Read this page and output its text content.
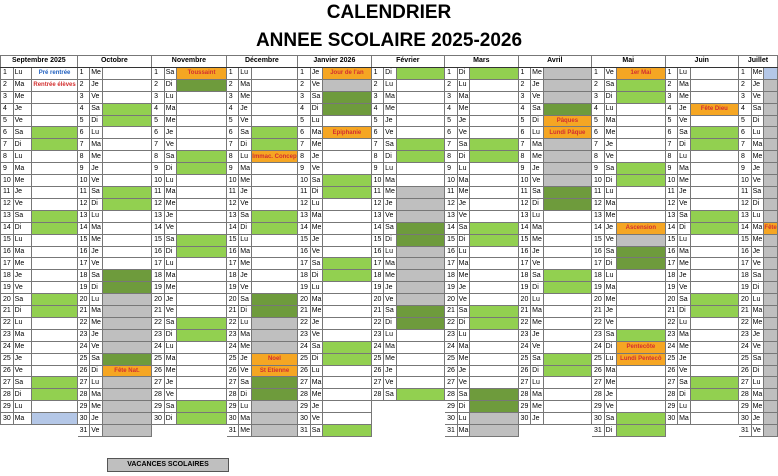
CALENDRIER
ANNEE SCOLAIRE 2025-2026
Septembre 2025			Octobre			Novembre			Décembre			Janvier 2026			Février			Mars			Avril			Mai			Juin			Juillet		
1	Lu	Pré rentrée	1	Me		1	Sa	Toussaint	1	Lu		1	Je	Jour de l'an	1	Di		1	Di		1	Me		1	Ve	1er Mai	1	Lu		1	Me	
2	Ma	Rentrée élèves	2	Je		2	Di		2	Ma		2	Ve		2	Lu		2	Lu		2	Je		2	Sa		2	Ma		2	Je	
3	Me		3	Ve		3	Lu		3	Me		3	Sa		3	Ma		3	Ma		3	Ve		3	Di		3	Me		3	Ve	
4	Je		4	Sa		4	Ma		4	Je		4	Di		4	Me		4	Me		4	Sa		4	Lu		4	Je	Fête Dieu	4	Sa	
5	Ve		5	Di		5	Me		5	Ve		5	Lu		5	Je		5	Je		5	Di	Pâques	5	Ma		5	Ve		5	Di	
6	Sa		6	Lu		6	Je		6	Sa		6	Ma	Epiphanie	6	Ve		6	Ve		6	Lu	Lundi Pâque	6	Me		6	Sa		6	Lu	
7	Di		7	Ma		7	Ve		7	Di		7	Me		7	Sa		7	Sa		7	Ma		7	Je		7	Di		7	Ma	
8	Lu		8	Me		8	Sa		8	Lu	Immac. Concep	8	Je		8	Di		8	Di		8	Me		8	Ve		8	Lu		8	Me	
9	Ma		9	Je		9	Di		9	Ma		9	Ve		9	Lu		9	Lu		9	Je		9	Sa		9	Ma		9	Je	
10	Me		10	Ve		10	Lu		10	Me		10	Sa		10	Ma		10	Ma		10	Ve		10	Di		10	Me		10	Ve	
11	Je		11	Sa		11	Ma		11	Je		11	Di		11	Me		11	Me		11	Sa		11	Lu		11	Je		11	Sa	
12	Ve		12	Di		12	Me		12	Ve		12	Lu		12	Je		12	Je		12	Di		12	Ma		12	Ve		12	Di	
13	Sa		13	Lu		13	Je		13	Sa		13	Ma		13	Ve		13	Ve		13	Lu		13	Me		13	Sa		13	Lu	
14	Di		14	Ma		14	Ve		14	Di		14	Me		14	Sa		14	Sa		14	Ma		14	Je	Ascension	14	Di		14	Ma	Fête
15	Lu		15	Me		15	Sa		15	Lu		15	Je		15	Di		15	Di		15	Me		15	Ve		15	Lu		15	Me	
16	Ma		16	Je		16	Di		16	Ma		16	Ve		16	Lu		16	Lu		16	Je		16	Sa		16	Ma		16	Je	
17	Me		17	Ve		17	Lu		17	Me		17	Sa		17	Ma		17	Ma		17	Ve		17	Di		17	Me		17	Ve	
18	Je		18	Sa		18	Ma		18	Je		18	Di		18	Me		18	Me		18	Sa		18	Lu		18	Je		18	Sa	
19	Ve		19	Di		19	Me		19	Ve		19	Lu		19	Je		19	Je		19	Di		19	Ma		19	Ve		19	Di	
20	Sa		20	Lu		20	Je		20	Sa		20	Ma		20	Ve		20	Ve		20	Lu		20	Me		20	Sa		20	Lu	
21	Di		21	Ma		21	Ve		21	Di		21	Me		21	Sa		21	Sa		21	Ma		21	Je		21	Di		21	Ma	
22	Lu		22	Me		22	Sa		22	Lu		22	Je		22	Di		22	Di		22	Me		22	Ve		22	Lu		22	Me	
23	Ma		23	Je		23	Di		23	Ma		23	Ve		23	Lu		23	Lu		23	Je		23	Sa		23	Ma		23	Je	
24	Me		24	Ve		24	Lu		24	Me		24	Sa		24	Ma		24	Ma		24	Ve		24	Di	Pentecôte	24	Me		24	Ve	
25	Je		25	Sa		25	Ma		25	Je	Noel	25	Di		25	Me		25	Me		25	Sa		25	Lu	Lundi Pentecô	25	Je		25	Sa	
26	Ve		26	Di	Fête Nat.	26	Me		26	Ve	St Etienne	26	Lu		26	Je		26	Je		26	Di		26	Ma		26	Ve		26	Di	
27	Sa		27	Lu		27	Je		27	Sa		27	Ma		27	Ve		27	Ve		27	Lu		27	Me		27	Sa		27	Lu	
28	Di		28	Ma		28	Ve		28	Di		28	Me		28	Sa		28	Sa		28	Ma		28	Je		28	Di		28	Ma	
29	Lu		29	Me		29	Sa		29	Lu		29	Je					29	Di		29	Me		29	Ve		29	Lu		29	Me	
30	Ma		30	Je		30	Di		30	Ma		30	Ve					30	Lu		30	Je		30	Sa		30	Ma		30	Je	
			31	Ve					31	Me		31	Sa					31	Ma					31	Di					31	Ve	
VACANCES SCOLAIRES
